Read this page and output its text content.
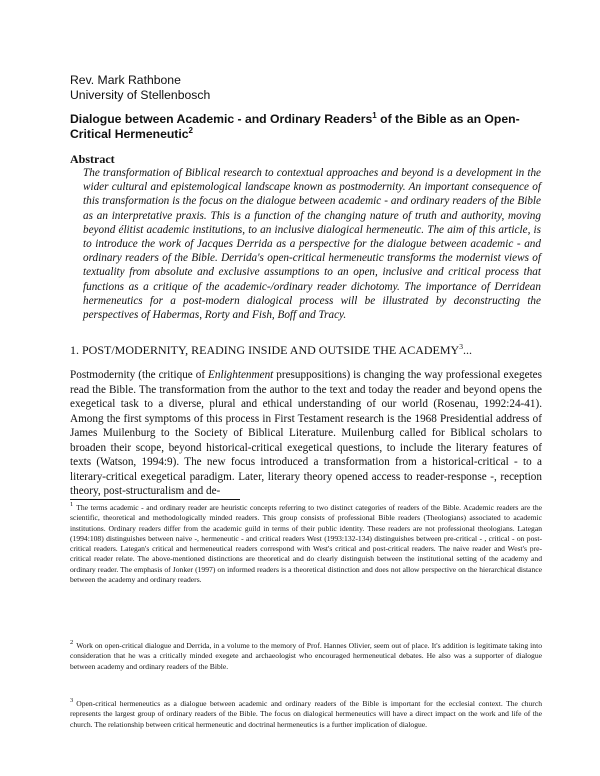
Rev. Mark Rathbone
University of Stellenbosch
Dialogue between Academic - and Ordinary Readers$^1$ of the Bible as an Open-Critical Hermeneutic$^2$
Abstract
The transformation of Biblical research to contextual approaches and beyond is a development in the wider cultural and epistemological landscape known as postmodernity. An important consequence of this transformation is the focus on the dialogue between academic - and ordinary readers of the Bible as an interpretative praxis. This is a function of the changing nature of truth and authority, moving beyond élitist academic institutions, to an inclusive dialogical hermeneutic. The aim of this article, is to introduce the work of Jacques Derrida as a perspective for the dialogue between academic - and ordinary readers of the Bible. Derrida's open-critical hermeneutic transforms the modernist views of textuality from absolute and exclusive assumptions to an open, inclusive and critical process that functions as a critique of the academic-/ordinary reader dichotomy. The importance of Derridean hermeneutics for a post-modern dialogical process will be illustrated by deconstructing the perspectives of Habermas, Rorty and Fish, Boff and Tracy.
1. POST/MODERNITY, READING INSIDE AND OUTSIDE THE ACADEMY$^3$...
Postmodernity (the critique of Enlightenment presuppositions) is changing the way professional exegetes read the Bible. The transformation from the author to the text and today the reader and beyond opens the exegetical task to a diverse, plural and ethical understanding of our world (Rosenau, 1992:24-41). Among the first symptoms of this process in First Testament research is the 1968 Presidential address of James Muilenburg to the Society of Biblical Literature. Muilenburg called for Biblical scholars to broaden their scope, beyond historical-critical exegetical questions, to include the literary features of texts (Watson, 1994:9). The new focus introduced a transformation from a historical-critical - to a literary-critical exegetical paradigm. Later, literary theory opened access to reader-response -, reception theory, post-structuralism and de-
1 The terms academic - and ordinary reader are heuristic concepts referring to two distinct categories of readers of the Bible. Academic readers are the scientific, theoretical and methodologically minded readers. This group consists of professional Bible readers (Theologians) associated to academic institutions. Ordinary readers differ from the academic guild in terms of their public identity. These readers are not professional theologians. Lategan (1994:108) distinguishes between naive -, hermeneutic - and critical readers West (1993:132-134) distinguishes between pre-critical - , critical - on post-critical readers. Lategan's critical and hermeneutical readers correspond with West's critical and post-critical readers. The naive reader and West's pre-critical reader relate. The above-mentioned distinctions are theoretical and do clearly distinguish between the institutional setting of the academy and ordinary reader. The emphasis of Jonker (1997) on informed readers is a theoretical distinction and does not allow perspective on the hierarchical distance between the academy and ordinary readers.
2 Work on open-critical dialogue and Derrida, in a volume to the memory of Prof. Hannes Olivier, seem out of place. It's addition is legitimate taking into consideration that he was a critically minded exegete and archaeologist who encouraged hermeneutical debates. He also was a supporter of dialogue between academy and ordinary readers of the Bible.
3 Open-critical hermeneutics as a dialogue between academic and ordinary readers of the Bible is important for the ecclesial context. The church represents the largest group of ordinary readers of the Bible. The focus on dialogical hermeneutics will have a direct impact on the work and life of the church. The relationship between critical hermeneutic and doctrinal hermeneutics is a further implication of dialogue.
